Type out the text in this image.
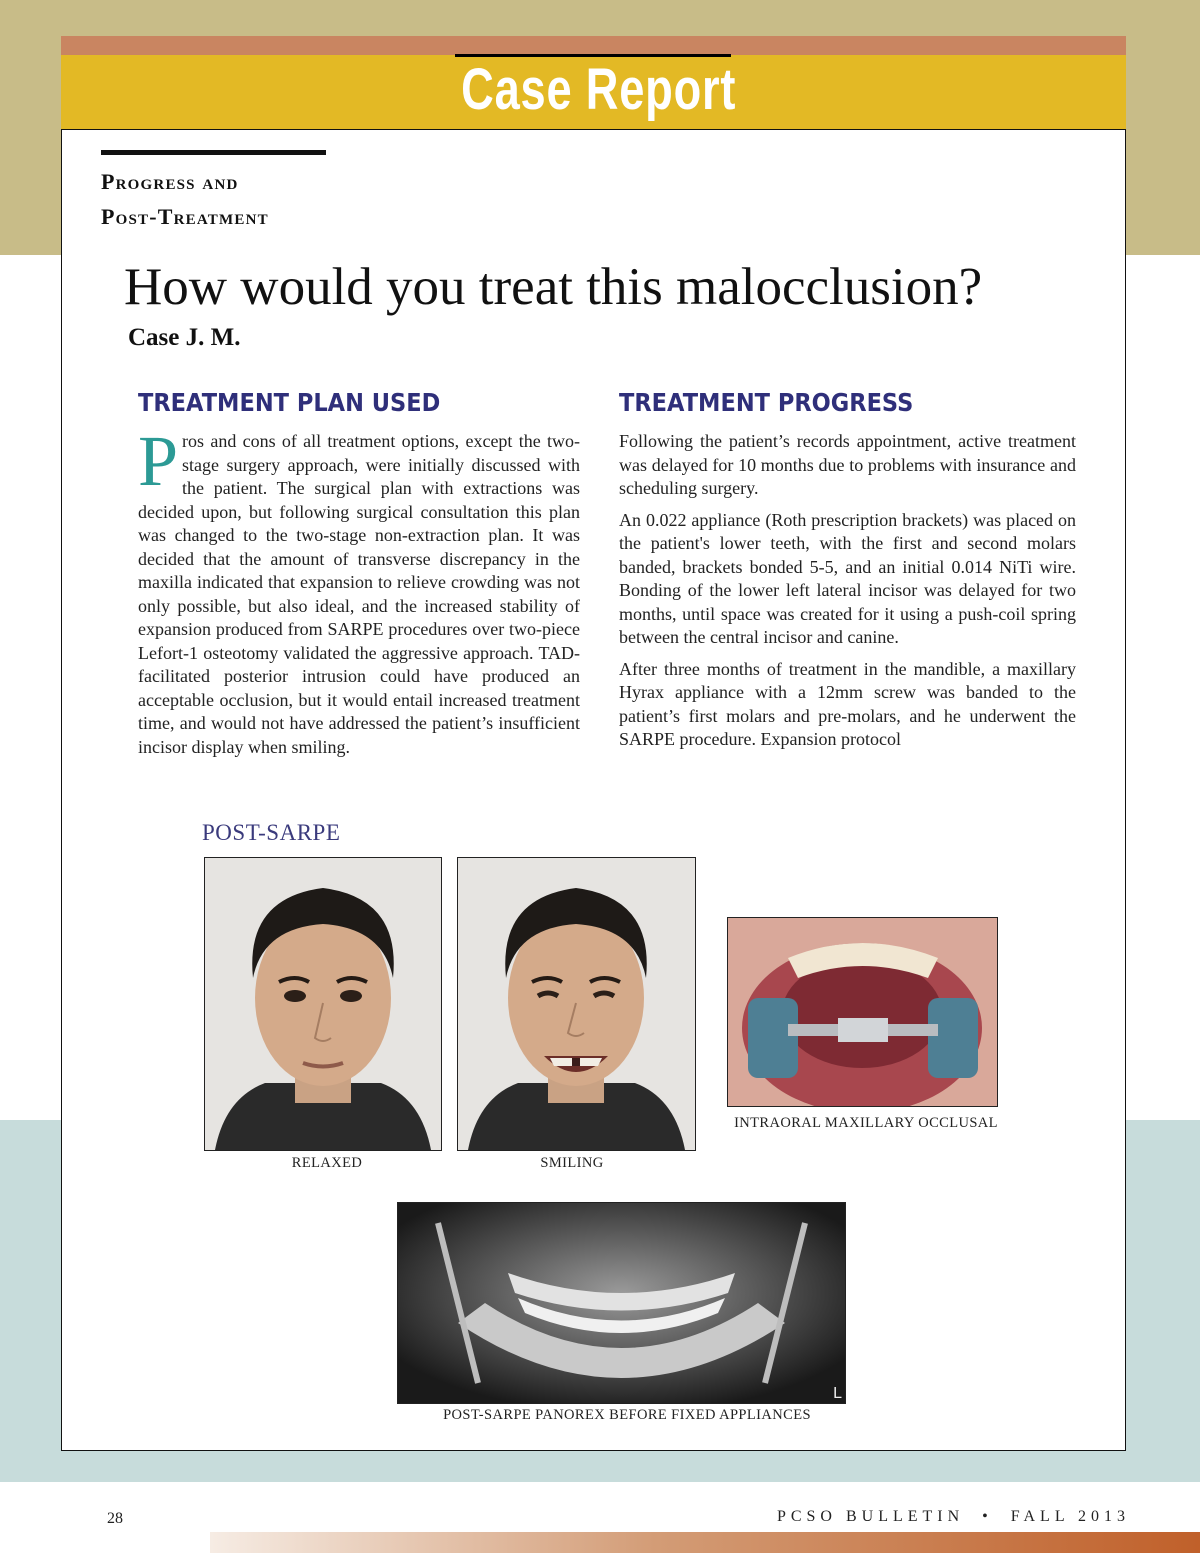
Case Report
Progress and
Post-Treatment
How would you treat this malocclusion?
Case J. M.
TREATMENT PLAN USED
Pros and cons of all treatment options, except the two-stage surgery approach, were initially discussed with the patient. The surgical plan with extractions was decided upon, but following surgical consultation this plan was changed to the two-stage non-extraction plan. It was decided that the amount of transverse discrepancy in the maxilla indicated that expansion to relieve crowding was not only possible, but also ideal, and the increased stability of expansion produced from SARPE procedures over two-piece Lefort-1 osteotomy validated the aggressive approach. TAD-facilitated posterior intrusion could have produced an acceptable occlusion, but it would entail increased treatment time, and would not have addressed the patient’s insufficient incisor display when smiling.
TREATMENT PROGRESS

Following the patient’s records appointment, active treatment was delayed for 10 months due to problems with insurance and scheduling surgery.

An 0.022 appliance (Roth prescription brackets) was placed on the patient's lower teeth, with the first and second molars banded, brackets bonded 5-5, and an initial 0.014 NiTi wire. Bonding of the lower left lateral incisor was delayed for two months, until space was created for it using a push-coil spring between the central incisor and canine.

After three months of treatment in the mandible, a maxillary Hyrax appliance with a 12mm screw was banded to the patient’s first molars and pre-molars, and he underwent the SARPE procedure. Expansion protocol

POST-SARPE
L
RELAXED	SMILING
INTRAORAL MAXILLARY OCCLUSAL
POST-SARPE PANOREX BEFORE FIXED APPLIANCES
28	PCSO BULLETIN  •  FALL 2013
